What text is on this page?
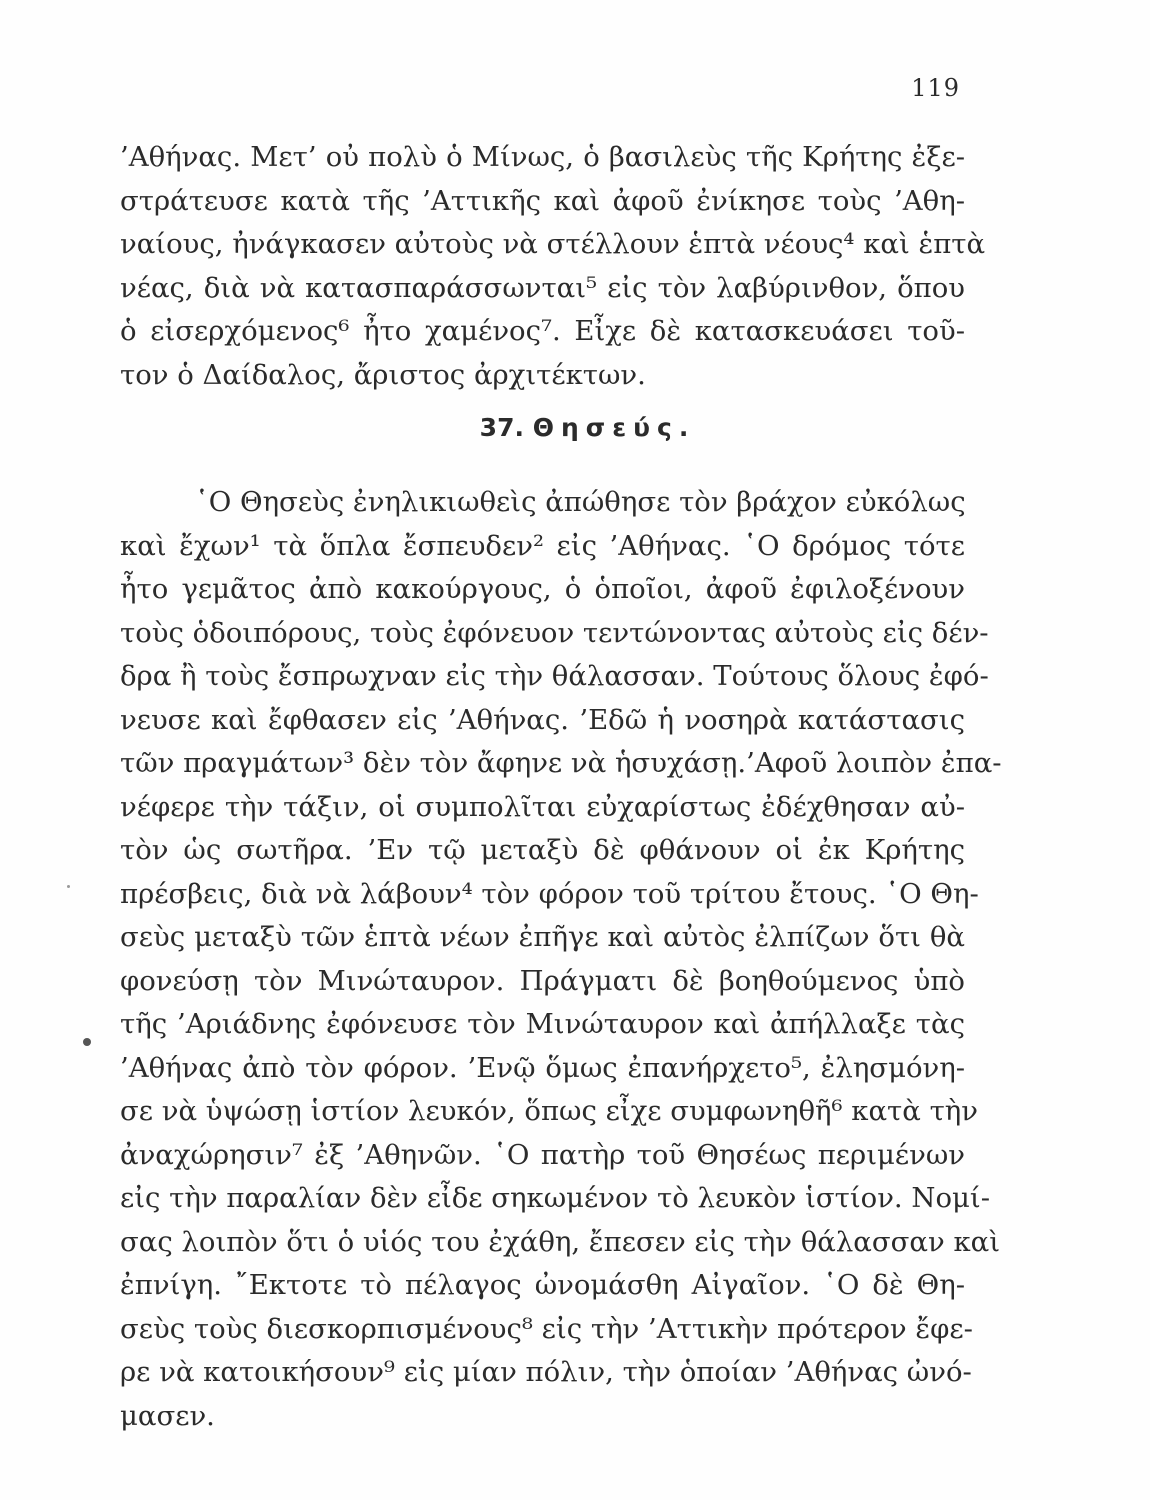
119

’Αθήνας. Μετ’ οὐ πολὺ ὁ Μίνως, ὁ βασιλεὺς τῆς Κρήτης ἐξε-
στράτευσε κατὰ τῆς ’Αττικῆς καὶ ἀφοῦ ἐνίκησε τοὺς ’Αθη-
ναίους, ἠνάγκασεν αὐτοὺς νὰ στέλλουν ἑπτὰ νέους⁴ καὶ ἑπτὰ
νέας, διὰ νὰ κατασπαράσσωνται⁵ εἰς τὸν λαβύρινθον, ὅπου
ὁ εἰσερχόμενος⁶ ἦτο χαμένος⁷. Εἶχε δὲ κατασκευάσει τοῦ-
τον ὁ Δαίδαλος, ἄριστος ἀρχιτέκτων.

37. Θησεύς.

῾Ο Θησεὺς ἐνηλικιωθεὶς ἀπώθησε τὸν βράχον εὐκόλως
καὶ ἔχων¹ τὰ ὅπλα ἔσπευδεν² εἰς ’Αθήνας. ῾Ο δρόμος τότε
ἦτο γεμᾶτος ἀπὸ κακούργους, ὁ ὁποῖοι, ἀφοῦ ἐφιλοξένουν
τοὺς ὁδοιπόρους, τοὺς ἐφόνευον τεντώνοντας αὐτοὺς εἰς δέν-
δρα ἢ τοὺς ἔσπρωχναν εἰς τὴν θάλασσαν. Τούτους ὅλους ἐφό-
νευσε καὶ ἔφθασεν εἰς ’Αθήνας. ’Εδῶ ἡ νοσηρὰ κατάστασις
τῶν πραγμάτων³ δὲν τὸν ἄφηνε νὰ ἡσυχάσῃ.’Αφοῦ λοιπὸν ἐπα-
νέφερε τὴν τάξιν, οἱ συμπολῖται εὐχαρίστως ἐδέχθησαν αὐ-
τὸν ὡς σωτῆρα. ’Εν τῷ μεταξὺ δὲ φθάνουν οἱ ἐκ Κρήτης
πρέσβεις, διὰ νὰ λάβουν⁴ τὸν φόρον τοῦ τρίτου ἔτους. ῾Ο Θη-
σεὺς μεταξὺ τῶν ἑπτὰ νέων ἐπῆγε καὶ αὐτὸς ἐλπίζων ὅτι θὰ
φονεύσῃ τὸν Μινώταυρον. Πράγματι δὲ βοηθούμενος ὑπὸ
τῆς ’Αριάδνης ἐφόνευσε τὸν Μινώταυρον καὶ ἀπήλλαξε τὰς
’Αθήνας ἀπὸ τὸν φόρον. ’Ενῷ ὅμως ἐπανήρχετο⁵, ἐλησμόνη-
σε νὰ ὑψώσῃ ἱστίον λευκόν, ὅπως εἶχε συμφωνηθῆ⁶ κατὰ τὴν
ἀναχώρησιν⁷ ἐξ ’Αθηνῶν. ῾Ο πατὴρ τοῦ Θησέως περιμένων
εἰς τὴν παραλίαν δὲν εἶδε σηκωμένον τὸ λευκὸν ἱστίον. Νομί-
σας λοιπὸν ὅτι ὁ υἱός του ἐχάθη, ἔπεσεν εἰς τὴν θάλασσαν καὶ
ἐπνίγη. ῎Εκτοτε τὸ πέλαγος ὠνομάσθη Αἰγαῖον. ῾Ο δὲ Θη-
σεὺς τοὺς διεσκορπισμένους⁸ εἰς τὴν ’Αττικὴν πρότερον ἔφε-
ρε νὰ κατοικήσουν⁹ εἰς μίαν πόλιν, τὴν ὁποίαν ’Αθήνας ὠνό-
μασεν.
